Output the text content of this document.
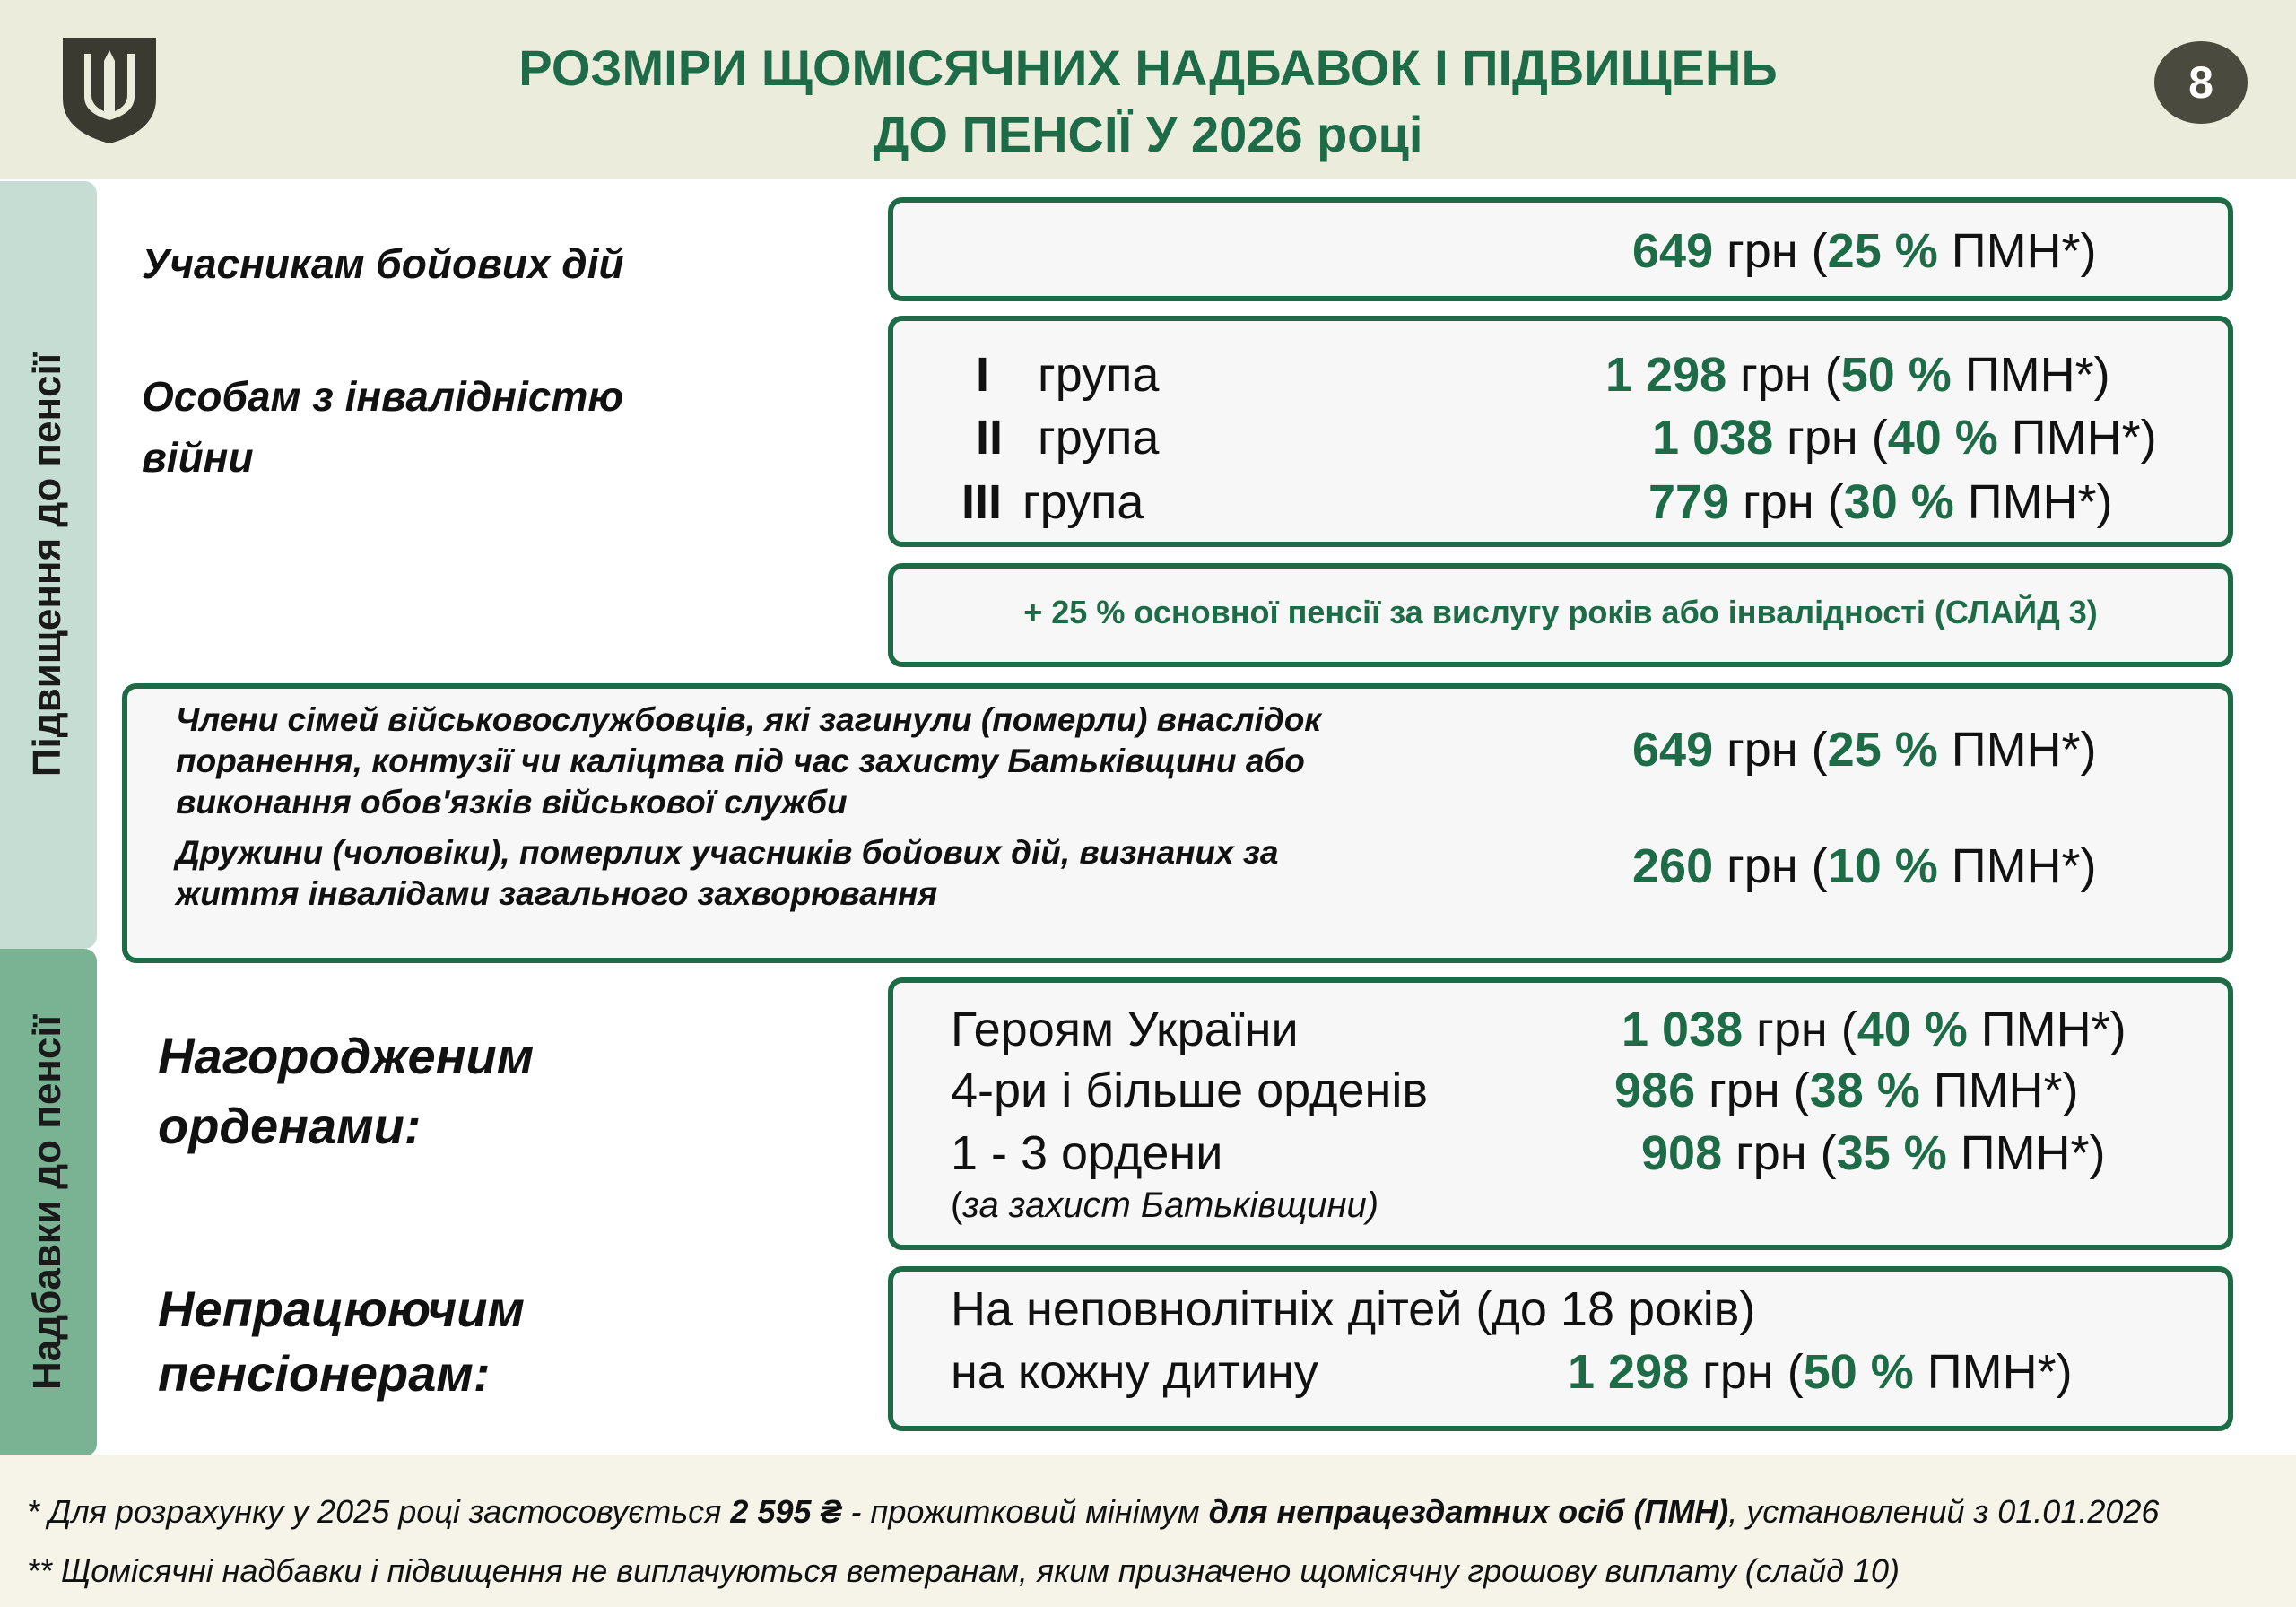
РОЗМІРИ ЩОМІСЯЧНИХ НАДБАВОК І ПІДВИЩЕНЬ
ДО ПЕНСІЇ У 2026 році
8
Підвищення до пенсії
Надбавки до пенсії
Учасникам бойових дій	649 грн (25 % ПМН*)
Особам з інвалідністю
війни
I група	1 298 грн (50 % ПМН*)
II група	1 038 грн (40 % ПМН*)
III група	779 грн (30 % ПМН*)
+ 25 % основної пенсії за вислугу років або інвалідності (СЛАЙД 3)
Члени сімей військовослужбовців, які загинули (померли) внаслідок
поранення, контузії чи каліцтва під час захисту Батьківщини або
виконання обов'язків військової служби
649 грн (25 % ПМН*)
Дружини (чоловіки), померлих учасників бойових дій, визнаних за
життя інвалідами загального захворювання
260 грн (10 % ПМН*)
Нагородженим
орденами:
Героям України	1 038 грн (40 % ПМН*)
4-ри і більше орденів	986 грн (38 % ПМН*)
1 - 3 ордени	908 грн (35 % ПМН*)
(за захист Батьківщини)
Непрацюючим
пенсіонерам:
На неповнолітніх дітей (до 18 років)
на кожну дитину	1 298 грн (50 % ПМН*)
* Для розрахунку у 2025 році застосовується 2 595 ₴ - прожитковий мінімум для непрацездатних осіб (ПМН), установлений з 01.01.2026
** Щомісячні надбавки і підвищення не виплачуються ветеранам, яким призначено щомісячну грошову виплату (слайд 10)
